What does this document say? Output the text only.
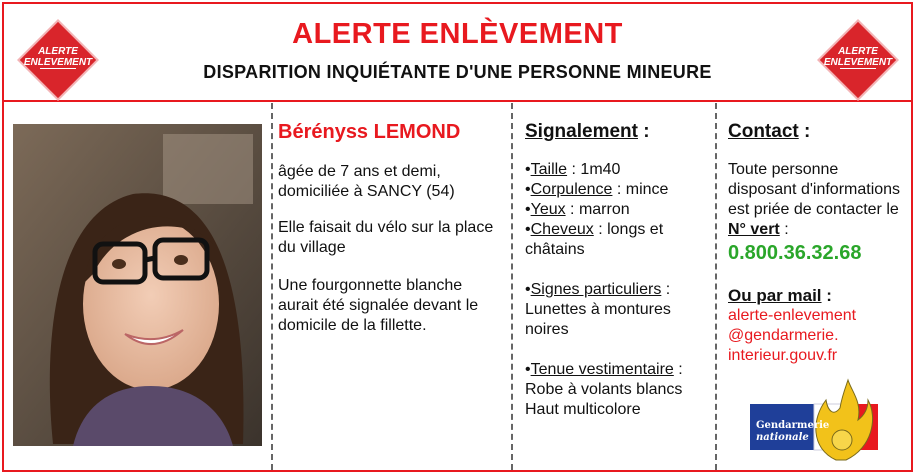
ALERTE
ENLEVEMENT
ALERTE
ENLEVEMENT
ALERTE ENLÈVEMENT
DISPARITION INQUIÉTANTE D'UNE PERSONNE MINEURE
Bérényss LEMOND

âgée de 7 ans et demi,
domiciliée à SANCY (54)

Elle faisait du vélo sur la place du village

Une fourgonnette blanche aurait été signalée devant le domicile de la fillette.

Signalement :
•Taille : 1m40
•Corpulence : mince
•Yeux : marron
•Cheveux : longs et châtains

•Signes particuliers : Lunettes à montures noires

•Tenue vestimentaire :
Robe à volants blancs
Haut multicolore

Contact :
Toute personne disposant d'informations est priée de contacter le N° vert :
0.800.36.32.68
Ou par mail :
alerte-enlevement
@gendarmerie.
interieur.gouv.fr
Gendarmerie
nationale
